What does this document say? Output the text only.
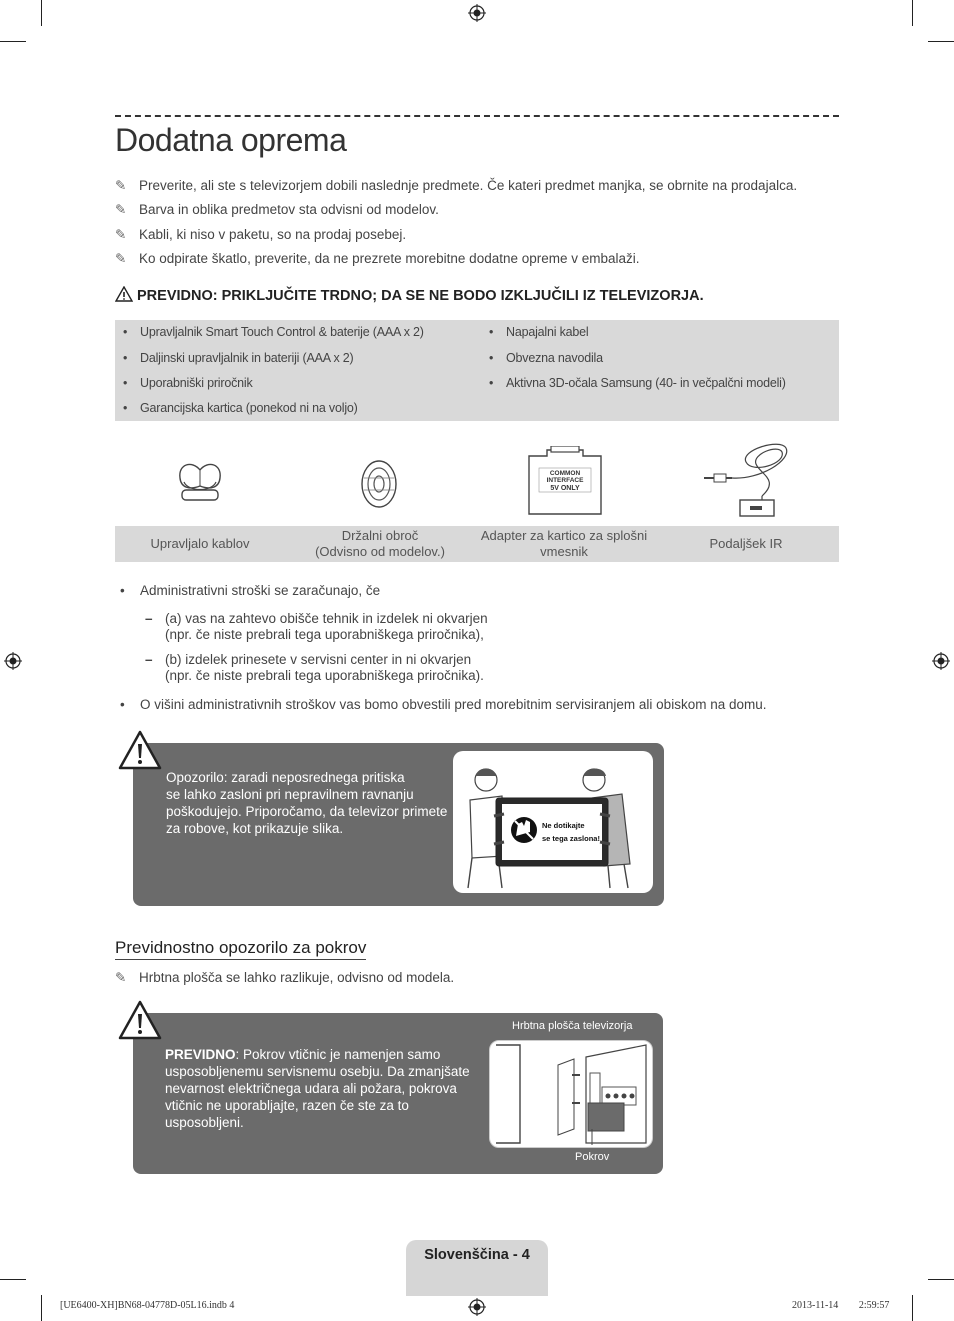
Dodatna oprema
✎ Preverite, ali ste s televizorjem dobili naslednje predmete. Če kateri predmet manjka, se obrnite na prodajalca.
✎ Barva in oblika predmetov sta odvisni od modelov.
✎ Kabli, ki niso v paketu, so na prodaj posebej.
✎ Ko odpirate škatlo, preverite, da ne prezrete morebitne dodatne opreme v embalaži.
PREVIDNO: PRIKLJUČITE TRDNO; DA SE NE BODO IZKLJUČILI IZ TELEVIZORJA.
• Upravljalnik Smart Touch Control & baterije (AAA x 2)
• Daljinski upravljalnik in bateriji (AAA x 2)
• Uporabniški priročnik
• Garancijska kartica (ponekod ni na voljo)
• Napajalni kabel
• Obvezna navodila
• Aktivna 3D-očala Samsung (40- in večpalčni modeli)
COMMON INTERFACE
5V ONLY
Upravljalo kablov
Držalni obroč
(Odvisno od modelov.)
Adapter za kartico za splošni
vmesnik
Podaljšek IR
• Administrativni stroški se zaračunajo, če
– (a) vas na zahtevo obišče tehnik in izdelek ni okvarjen
(npr. če niste prebrali tega uporabniškega priročnika),
– (b) izdelek prinesete v servisni center in ni okvarjen
(npr. če niste prebrali tega uporabniškega priročnika).
• O višini administrativnih stroškov vas bomo obvestili pred morebitnim servisiranjem ali obiskom na domu.
Opozorilo: zaradi neposrednega pritiska
se lahko zasloni pri nepravilnem ravnanju
poškodujejo. Priporočamo, da televizor primete
za robove, kot prikazuje slika.	Ne dotikajte
se tega zaslona!
Previdnostno opozorilo za pokrov
✎ Hrbtna plošča se lahko razlikuje, odvisno od modela.
PREVIDNO: Pokrov vtičnic je namenjen samo
usposobljenemu servisnemu osebju. Da zmanjšate
nevarnost električnega udara ali požara, pokrova
vtičnic ne uporabljajte, razen če ste za to
usposobljeni.
Hrbtna plošča televizorja
Pokrov
Slovenščina - 4
[UE6400-XH]BN68-04778D-05L16.indb 4	2013-11-14 ￿￿ 2:59:57
